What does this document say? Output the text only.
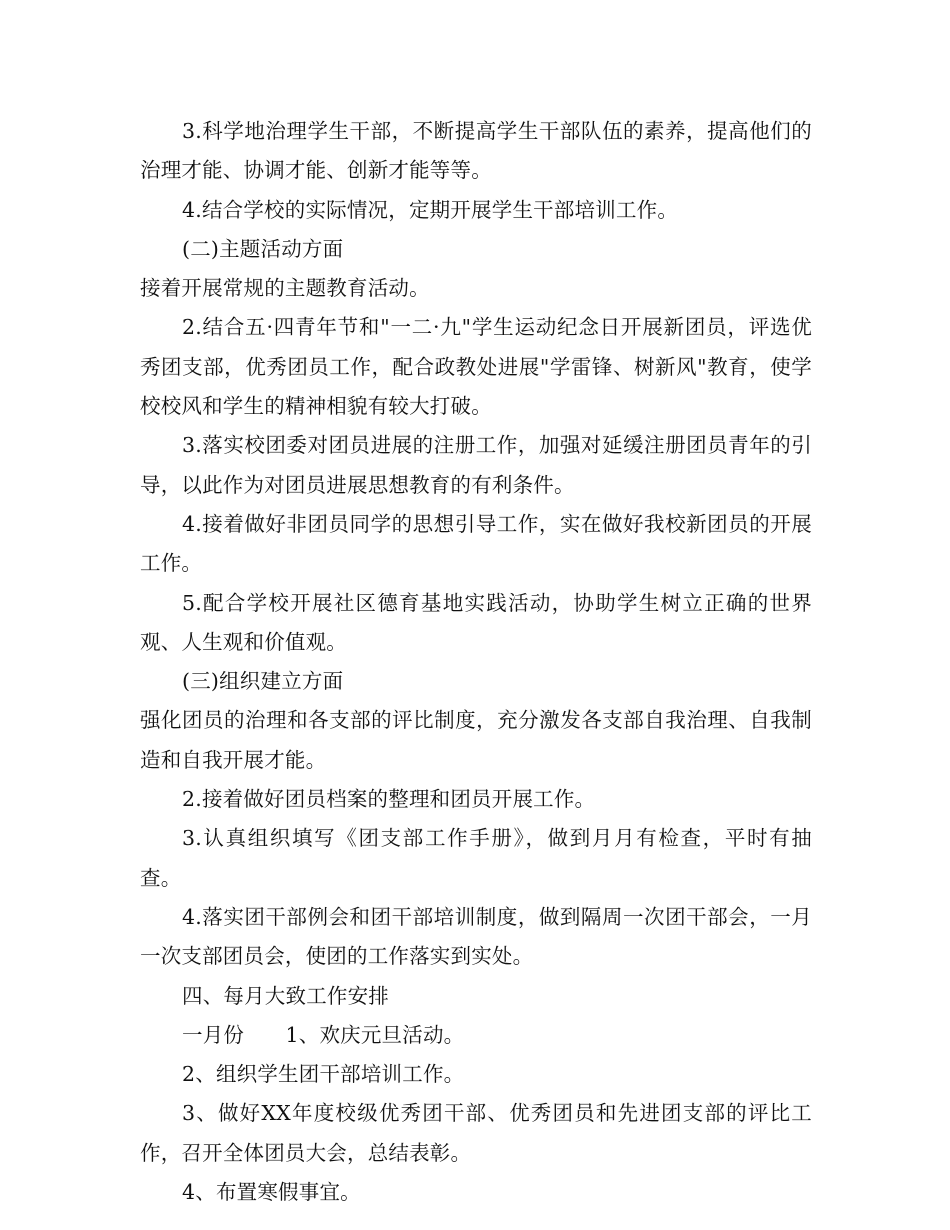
3.科学地治理学生干部，不断提高学生干部队伍的素养，提高他们的治理才能、协调才能、创新才能等等。

4.结合学校的实际情况，定期开展学生干部培训工作。

(二)主题活动方面

接着开展常规的主题教育活动。

2.结合五·四青年节和"一二·九"学生运动纪念日开展新团员，评选优秀团支部，优秀团员工作，配合政教处进展"学雷锋、树新风"教育，使学校校风和学生的精神相貌有较大打破。

3.落实校团委对团员进展的注册工作，加强对延缓注册团员青年的引导，以此作为对团员进展思想教育的有利条件。

4.接着做好非团员同学的思想引导工作，实在做好我校新团员的开展工作。

5.配合学校开展社区德育基地实践活动，协助学生树立正确的世界观、人生观和价值观。

(三)组织建立方面

强化团员的治理和各支部的评比制度，充分激发各支部自我治理、自我制造和自我开展才能。

2.接着做好团员档案的整理和团员开展工作。

3.认真组织填写《团支部工作手册》，做到月月有检查，平时有抽查。

4.落实团干部例会和团干部培训制度，做到隔周一次团干部会，一月一次支部团员会，使团的工作落实到实处。

四、每月大致工作安排

一月份　　1、欢庆元旦活动。

2、组织学生团干部培训工作。

3、做好XX年度校级优秀团干部、优秀团员和先进团支部的评比工作，召开全体团员大会，总结表彰。

4、布置寒假事宜。
